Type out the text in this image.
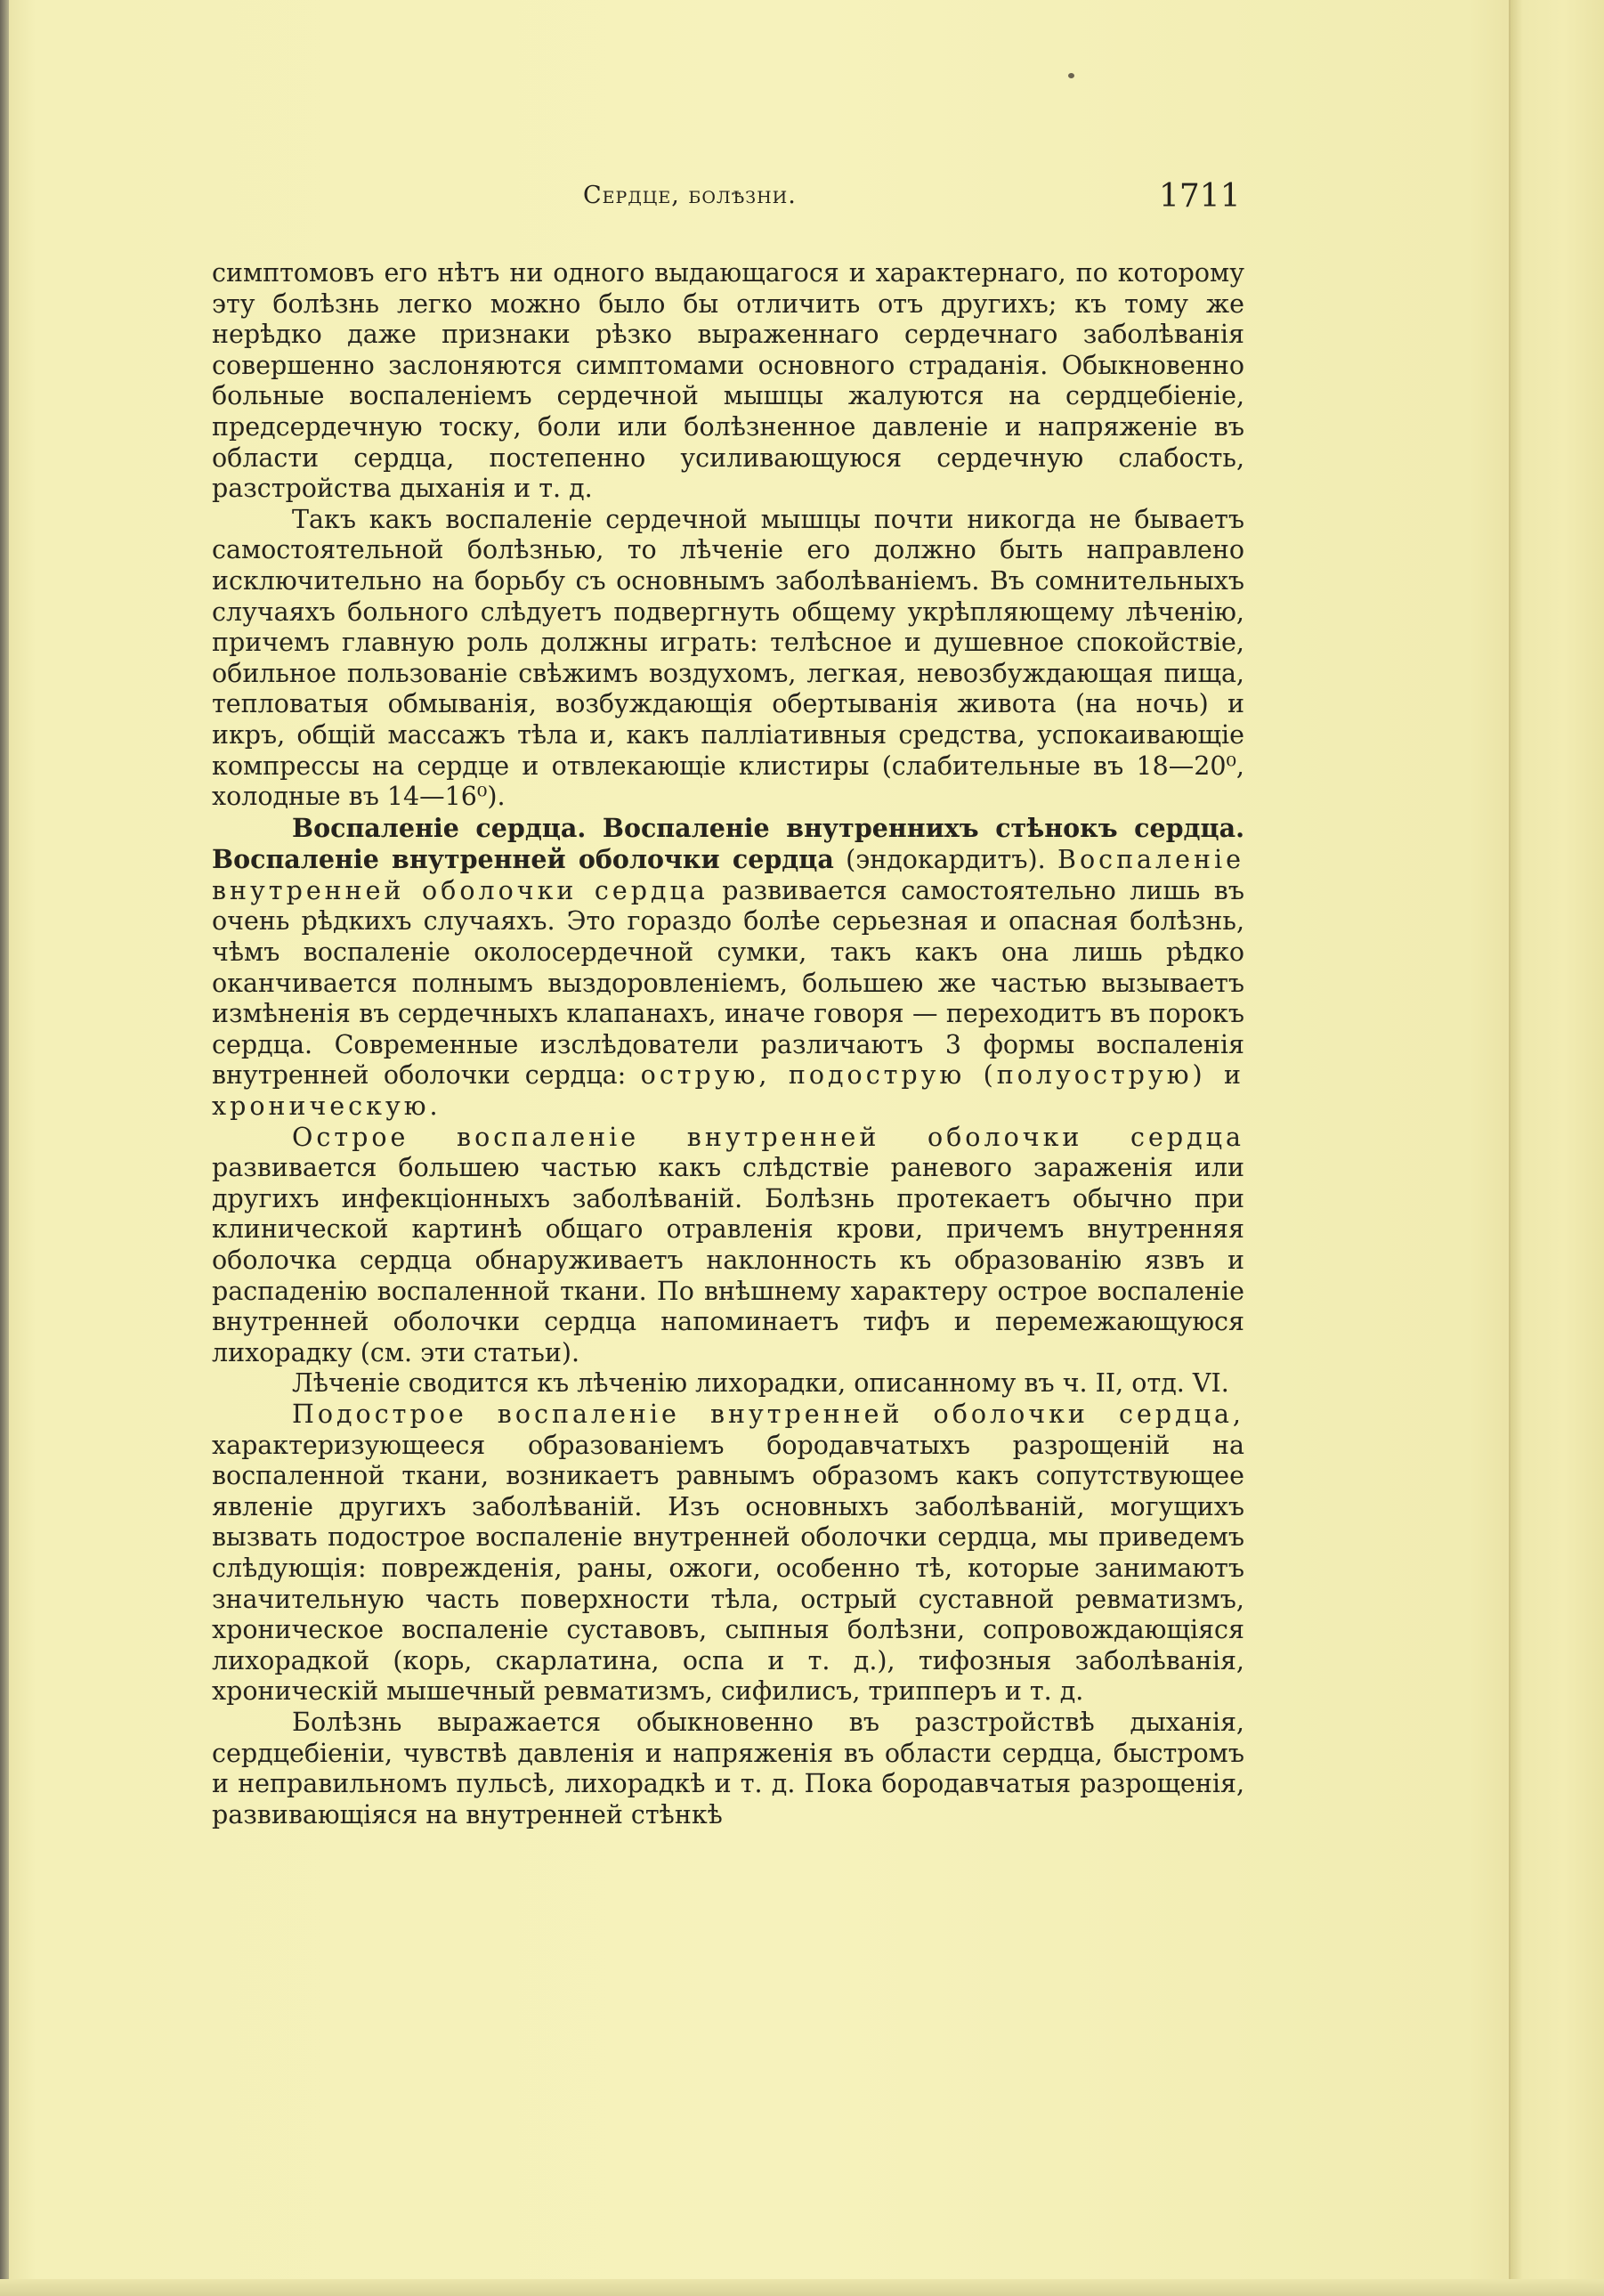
Сердце, болѣзни.	1711

симптомовъ его нѣтъ ни одного выдающагося и характернаго, по которому эту болѣзнь легко можно было бы отличить отъ другихъ; къ тому же нерѣдко даже признаки рѣзко выраженнаго сердечнаго заболѣванія совершенно заслоняются симптомами основного страданія. Обыкновенно больные воспаленіемъ сердечной мышцы жалуются на сердцебіеніе, предсердечную тоску, боли или болѣзненное давленіе и напряженіе въ области сердца, постепенно усиливающуюся сердечную слабость, разстройства дыханія и т. д.

Такъ какъ воспаленіе сердечной мышцы почти никогда не бываетъ самостоятельной болѣзнью, то лѣченіе его должно быть направлено исключительно на борьбу съ основнымъ заболѣваніемъ. Въ сомнительныхъ случаяхъ больного слѣдуетъ подвергнуть общему укрѣпляющему лѣченію, причемъ главную роль должны играть: телѣсное и душевное спокойствіе, обильное пользованіе свѣжимъ воздухомъ, легкая, невозбуждающая пища, тепловатыя обмыванія, возбуждающія обертыванія живота (на ночь) и икръ, общій массажъ тѣла и, какъ палліативныя средства, успокаивающіе компрессы на сердце и отвлекающіе клистиры (слабительные въ 18—20⁰, холодные въ 14—16⁰).

Воспаленіе сердца. Воспаленіе внутреннихъ стѣнокъ сердца. Воспаленіе внутренней оболочки сердца (эндокардитъ). Воспаленіе внутренней оболочки сердца развивается самостоятельно лишь въ очень рѣдкихъ случаяхъ. Это гораздо болѣе серьезная и опасная болѣзнь, чѣмъ воспаленіе околосердечной сумки, такъ какъ она лишь рѣдко оканчивается полнымъ выздоровленіемъ, большею же частью вызываетъ измѣненія въ сердечныхъ клапанахъ, иначе говоря — переходитъ въ порокъ сердца. Современные изслѣдователи различаютъ 3 формы воспаленія внутренней оболочки сердца: острую, подострую (полуострую) и хроническую.

Острое воспаленіе внутренней оболочки сердца развивается большею частью какъ слѣдствіе раневого зараженія или другихъ инфекціонныхъ заболѣваній. Болѣзнь протекаетъ обычно при клинической картинѣ общаго отравленія крови, причемъ внутренняя оболочка сердца обнаруживаетъ наклонность къ образованію язвъ и распаденію воспаленной ткани. По внѣшнему характеру острое воспаленіе внутренней оболочки сердца напоминаетъ тифъ и перемежающуюся лихорадку (см. эти статьи).

Лѣченіе сводится къ лѣченію лихорадки, описанному въ ч. II, отд. VI.

Подострое воспаленіе внутренней оболочки сердца, характеризующееся образованіемъ бородавчатыхъ разрощеній на воспаленной ткани, возникаетъ равнымъ образомъ какъ сопутствующее явленіе другихъ заболѣваній. Изъ основныхъ заболѣваній, могущихъ вызвать подострое воспаленіе внутренней оболочки сердца, мы приведемъ слѣдующія: поврежденія, раны, ожоги, особенно тѣ, которые занимаютъ значительную часть поверхности тѣла, острый суставной ревматизмъ, хроническое воспаленіе суставовъ, сыпныя болѣзни, сопровождающіяся лихорадкой (корь, скарлатина, оспа и т. д.), тифозныя заболѣванія, хроническій мышечный ревматизмъ, сифилисъ, трипперъ и т. д.

Болѣзнь выражается обыкновенно въ разстройствѣ дыханія, сердцебіеніи, чувствѣ давленія и напряженія въ области сердца, быстромъ и неправильномъ пульсѣ, лихорадкѣ и т. д. Пока бородавчатыя разрощенія, развивающіяся на внутренней стѣнкѣ
